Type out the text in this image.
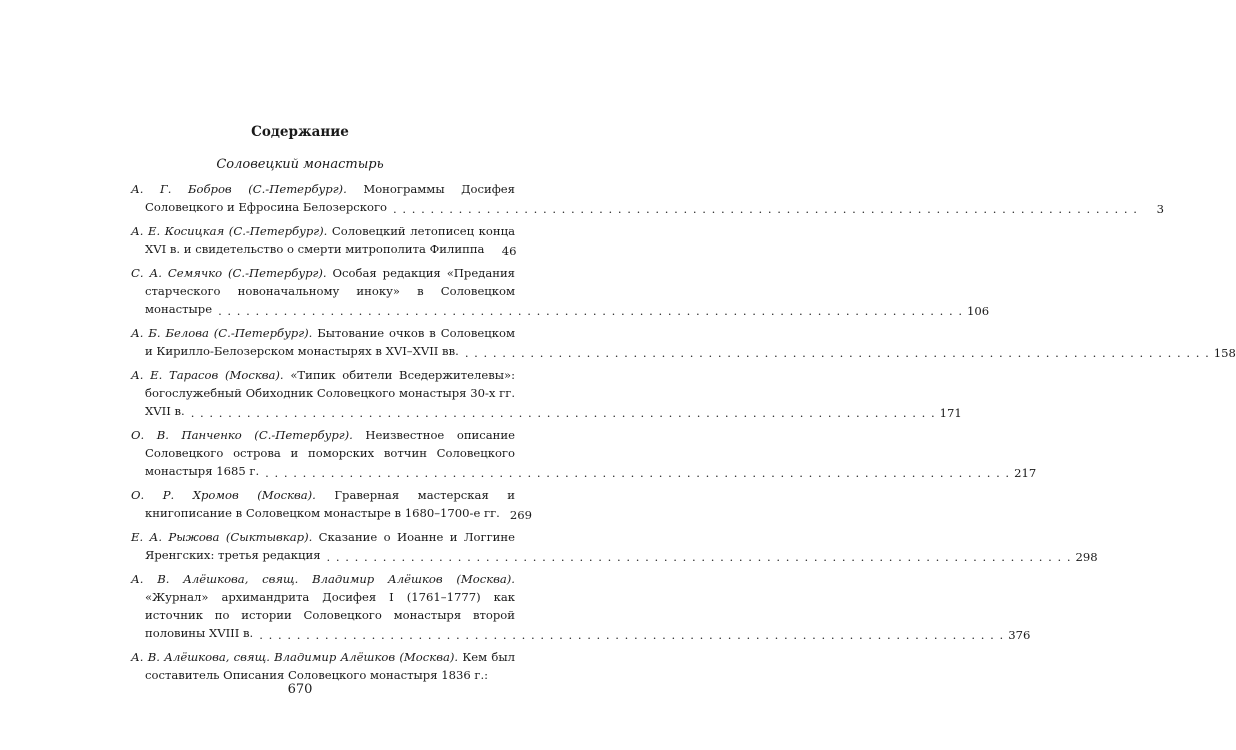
Содержание
Соловецкий монастырь
А. Г. Бобров (С.-Петербург). Монограммы Досифея Соловецкого и Ефросина Белозерского . . . . . . . . . . . . . . . . . . . . . . . . . . . . . . . . . . . . . . . . . . . . . . . . . . . . . . . . . . . . . . . . . . . . . . . . . . . . . . . .	3
А. Е. Косицкая (С.-Петербург). Соловецкий летописец конца XVI в. и свидетельство о смерти митрополита Филиппа	46
С. А. Семячко (С.-Петербург). Особая редакция «Предания старческого новоначальному иноку» в Соловецком монастыре . . . . . . . . . . . . . . . . . . . . . . . . . . . . . . . . . . . . . . . . . . . . . . . . . . . . . . . . . . . . . . . . . . . . . . . . . . . . . . . . 106
А. Б. Белова (С.-Петербург). Бытование очков в Соловецком и Кирилло-Белозерском монастырях в XVI–XVII вв. . . . . . . . . . . . . . . . . . . . . . . . . . . . . . . . . . . . . . . . . . . . . . . . . . . . . . . . . . . . . . . . . . . . . . . . . . . . . . . . . 158
А. Е. Тарасов (Москва). «Типик обители Вседержителевы»: богослужебный Обиходник Соловецкого монастыря 30-х гг. XVII в. . . . . . . . . . . . . . . . . . . . . . . . . . . . . . . . . . . . . . . . . . . . . . . . . . . . . . . . . . . . . . . . . . . . . . . . . . . . . . . . . 171
О. В. Панченко (С.-Петербург). Неизвестное описание Соловецкого острова и поморских вотчин Соловецкого монастыря 1685 г. . . . . . . . . . . . . . . . . . . . . . . . . . . . . . . . . . . . . . . . . . . . . . . . . . . . . . . . . . . . . . . . . . . . . . . . . . . . . . . . . 217
О. Р. Хромов (Москва). Граверная мастерская и книгописание в Соловецком монастыре в 1680–1700-е гг. 269
Е. А. Рыжова (Сыктывкар). Сказание о Иоанне и Логгине Яренгских: третья редакция . . . . . . . . . . . . . . . . . . . . . . . . . . . . . . . . . . . . . . . . . . . . . . . . . . . . . . . . . . . . . . . . . . . . . . . . . . . . . . . . 298
А. В. Алёшкова, свящ. Владимир Алёшков (Москва). «Журнал» архимандрита Досифея I (1761–1777) как источник по истории Соловецкого монастыря второй половины XVIII в. . . . . . . . . . . . . . . . . . . . . . . . . . . . . . . . . . . . . . . . . . . . . . . . . . . . . . . . . . . . . . . . . . . . . . . . . . . . . . . . . 376
А. В. Алёшкова, свящ. Владимир Алёшков (Москва). Кем был составитель Описания Соловецкого монастыря 1836 г.:
670
